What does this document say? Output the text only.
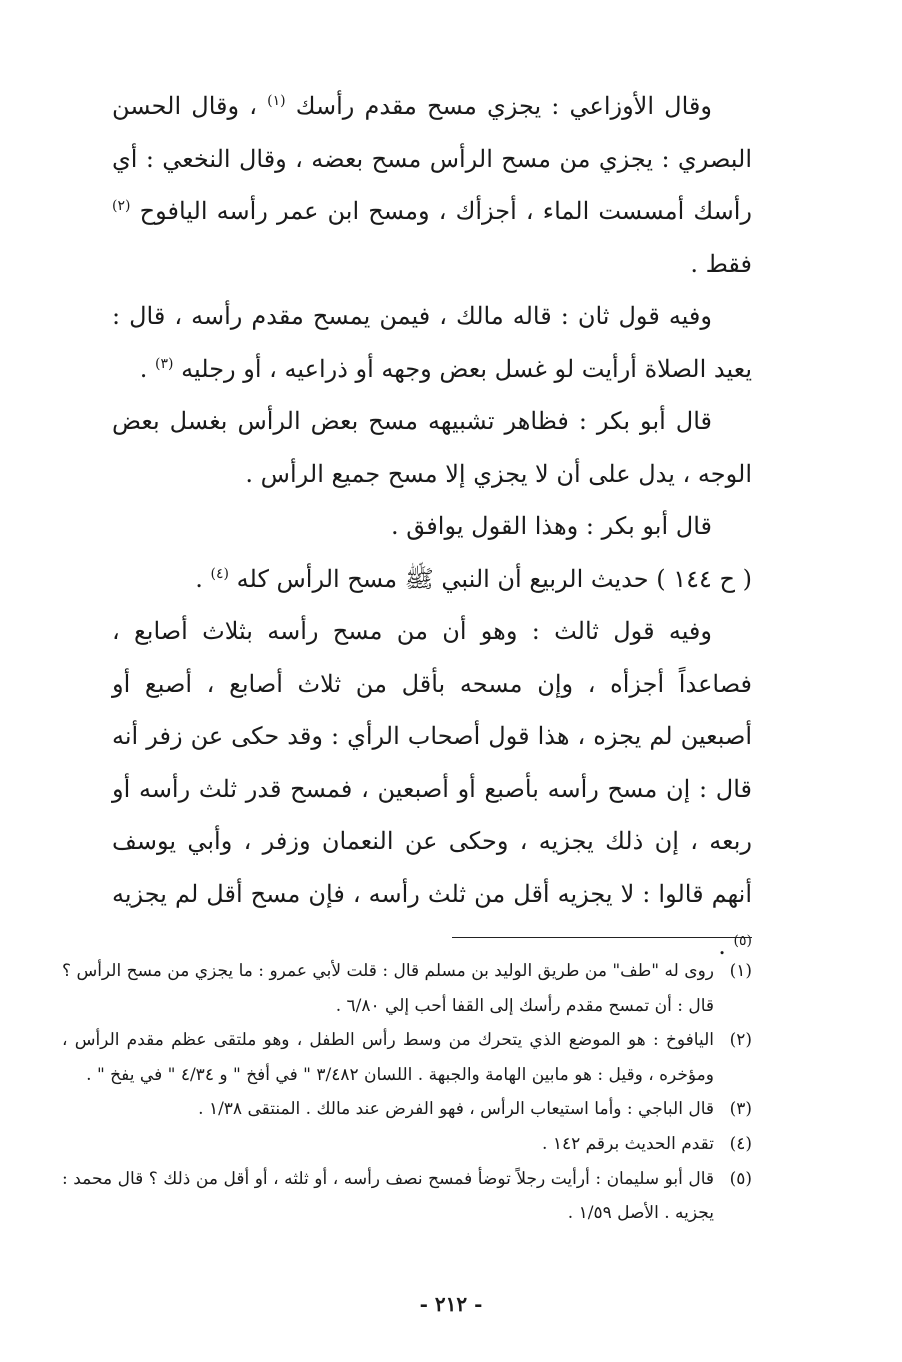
وقال الأوزاعي : يجزي مسح مقدم رأسك $^{(١)}$ ، وقال الحسن البصري : يجزي من مسح الرأس مسح بعضه ، وقال النخعي : أي رأسك أمسست الماء ، أجزأك ، ومسح ابن عمر رأسه اليافوح $^{(٢)}$ فقط .

وفيه قول ثان : قاله مالك ، فيمن يمسح مقدم رأسه ، قال : يعيد الصلاة أرأيت لو غسل بعض وجهه أو ذراعيه ، أو رجليه $^{(٣)}$ .

قال أبو بكر : فظاهر تشبيهه مسح بعض الرأس بغسل بعض الوجه ، يدل على أن لا يجزي إلا مسح جميع الرأس .

قال أبو بكر : وهذا القول يوافق .

( ح ١٤٤ ) حديث الربيع أن النبي ﷺ مسح الرأس كله $^{(٤)}$ .

وفيه قول ثالث : وهو أن من مسح رأسه بثلاث أصابع ، فصاعداً أجزأه ، وإن مسحه بأقل من ثلاث أصابع ، أصبع أو أصبعين لم يجزه ، هذا قول أصحاب الرأي : وقد حكى عن زفر أنه قال : إن مسح رأسه بأصبع أو أصبعين ، فمسح قدر ثلث رأسه أو ربعه ، إن ذلك يجزيه ، وحكى عن النعمان وزفر ، وأبي يوسف أنهم قالوا : لا يجزيه أقل من ثلث رأسه ، فإن مسح أقل لم يجزيه $^{(٥)}$ .

(١)
روى له "طف" من طريق الوليد بن مسلم قال : قلت لأبي عمرو : ما يجزي من مسح الرأس ؟ قال : أن تمسح مقدم رأسك إلى القفا أحب إلي ٦/٨٠ .
(٢)
اليافوخ : هو الموضع الذي يتحرك من وسط رأس الطفل ، وهو ملتقى عظم مقدم الرأس ، ومؤخره ، وقيل : هو مابين الهامة والجبهة . اللسان ٣/٤٨٢ " في أفخ " و ٤/٣٤ " في يفخ " .
(٣)
قال الباجي : وأما استيعاب الرأس ، فهو الفرض عند مالك . المنتقى ١/٣٨ .
(٤)
تقدم الحديث برقم ١٤٢ .
(٥)
قال أبو سليمان : أرأيت رجلاً توضأ فمسح نصف رأسه ، أو ثلثه ، أو أقل من ذلك ؟ قال محمد : يجزيه . الأصل ١/٥٩ .
- ٢١٢ -
